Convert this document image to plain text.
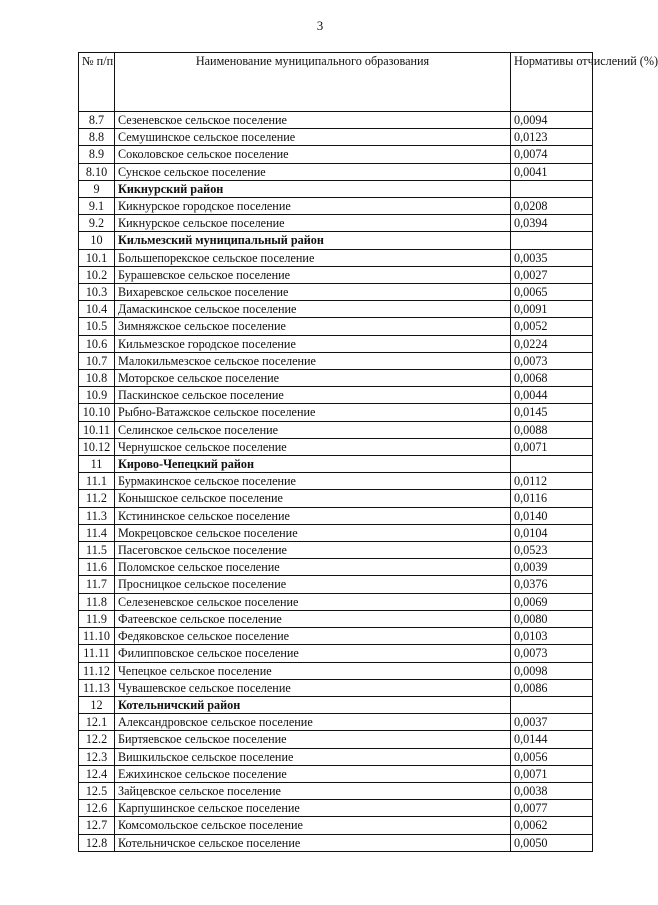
3
№ п/п	Наименование муниципального образования	Нормативы отчислений (%)
8.7	Сезеневское сельское поселение	0,0094
8.8	Семушинское сельское поселение	0,0123
8.9	Соколовское сельское поселение	0,0074
8.10	Сунское сельское поселение	0,0041
9	Кикнурский район	
9.1	Кикнурское городское поселение	0,0208
9.2	Кикнурское сельское поселение	0,0394
10	Кильмезский муниципальный район	
10.1	Большепорекское сельское поселение	0,0035
10.2	Бурашевское сельское поселение	0,0027
10.3	Вихаревское сельское поселение	0,0065
10.4	Дамаскинское сельское поселение	0,0091
10.5	Зимняжское сельское поселение	0,0052
10.6	Кильмезское городское поселение	0,0224
10.7	Малокильмезское сельское поселение	0,0073
10.8	Моторское сельское поселение	0,0068
10.9	Паскинское сельское поселение	0,0044
10.10	Рыбно-Ватажское сельское поселение	0,0145
10.11	Селинское сельское поселение	0,0088
10.12	Чернушское сельское поселение	0,0071
11	Кирово-Чепецкий район	
11.1	Бурмакинское сельское поселение	0,0112
11.2	Конышское сельское поселение	0,0116
11.3	Кстининское сельское поселение	0,0140
11.4	Мокрецовское сельское поселение	0,0104
11.5	Пасеговское сельское поселение	0,0523
11.6	Поломское сельское поселение	0,0039
11.7	Просницкое сельское поселение	0,0376
11.8	Селезеневское сельское поселение	0,0069
11.9	Фатеевское сельское поселение	0,0080
11.10	Федяковское сельское поселение	0,0103
11.11	Филипповское сельское поселение	0,0073
11.12	Чепецкое сельское поселение	0,0098
11.13	Чувашевское сельское поселение	0,0086
12	Котельничский район	
12.1	Александровское сельское поселение	0,0037
12.2	Биртяевское сельское поселение	0,0144
12.3	Вишкильское сельское поселение	0,0056
12.4	Ежихинское сельское поселение	0,0071
12.5	Зайцевское сельское поселение	0,0038
12.6	Карпушинское сельское поселение	0,0077
12.7	Комсомольское сельское поселение	0,0062
12.8	Котельничское сельское поселение	0,0050
